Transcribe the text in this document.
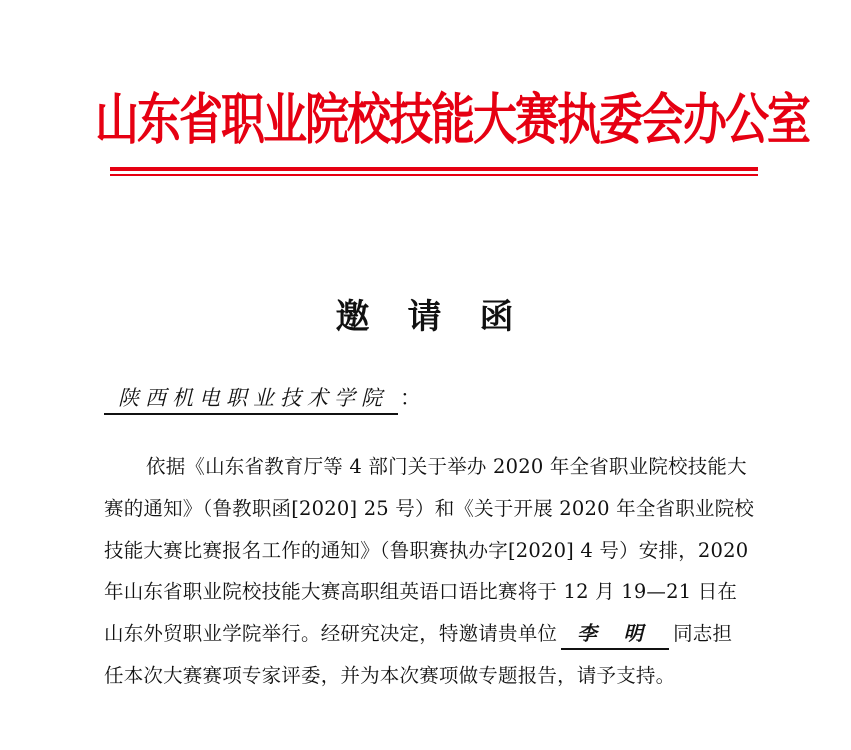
山东省职业院校技能大赛执委会办公室
邀　请　函
陕西机电职业技术学院 ：
依据《山东省教育厅等 4 部门关于举办 2020 年全省职业院校技能大
赛的通知》（鲁教职函[2020] 25 号）和《关于开展 2020 年全省职业院校
技能大赛比赛报名工作的通知》（鲁职赛执办字[2020] 4 号）安排，2020
年山东省职业院校技能大赛高职组英语口语比赛将于 12 月 19—21 日在
山东外贸职业学院举行。经研究决定，特邀请贵单位 李 明 同志担
任本次大赛赛项专家评委，并为本次赛项做专题报告，请予支持。
